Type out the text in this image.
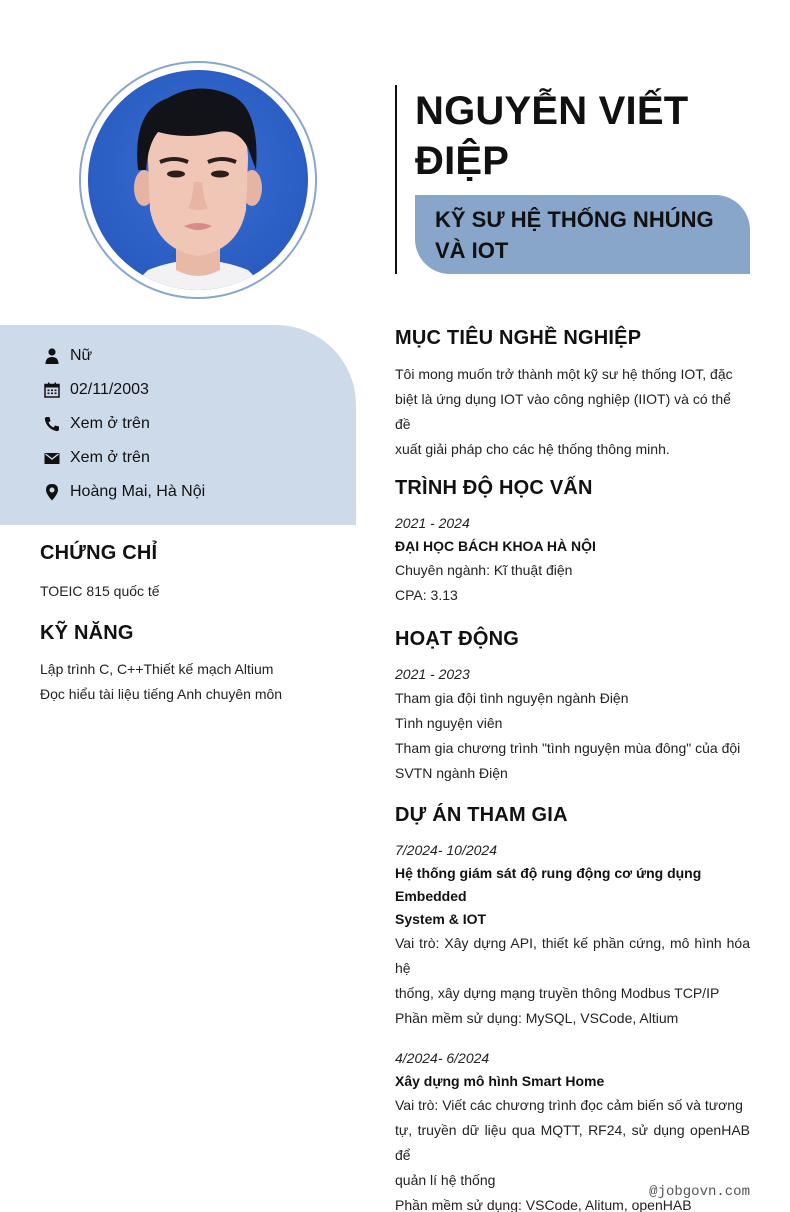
NGUYỄN VIẾT
ĐIỆP
KỸ SƯ HỆ THỐNG NHÚNG
VÀ IOT
Nữ
02/11/2003
Xem ở trên
Xem ở trên
Hoàng Mai, Hà Nội
CHỨNG CHỈ
TOEIC 815 quốc tế
KỸ NĂNG
Lập trình C, C++Thiết kế mạch Altium
Đọc hiểu tài liệu tiếng Anh chuyên môn
MỤC TIÊU NGHỀ NGHIỆP
Tôi mong muốn trở thành một kỹ sư hệ thống IOT, đặc
biệt là ứng dụng IOT vào công nghiệp (IIOT) và có thể đề
xuất giải pháp cho các hệ thống thông minh.
TRÌNH ĐỘ HỌC VẤN
2021 - 2024
ĐẠI HỌC BÁCH KHOA HÀ NỘI
Chuyên ngành: Kĩ thuật điện
CPA: 3.13
HOẠT ĐỘNG
2021 - 2023
Tham gia đội tình nguyện ngành Điện
Tình nguyện viên
Tham gia chương trình "tình nguyện mùa đông" của đội
SVTN ngành Điện
DỰ ÁN THAM GIA
7/2024- 10/2024
Hệ thống giám sát độ rung động cơ ứng dụng Embedded
System & IOT
Vai trò: Xây dựng API, thiết kế phần cứng, mô hình hóa hệ
thống, xây dựng mạng truyền thông Modbus TCP/IP
Phần mềm sử dụng: MySQL, VSCode, Altium
4/2024- 6/2024
Xây dựng mô hình Smart Home
Vai trò: Viết các chương trình đọc cảm biến số và tương
tự, truyền dữ liệu qua MQTT, RF24, sử dụng openHAB để
quản lí hệ thống
Phần mềm sử dụng: VSCode, Alitum, openHAB
@jobgovn.com
